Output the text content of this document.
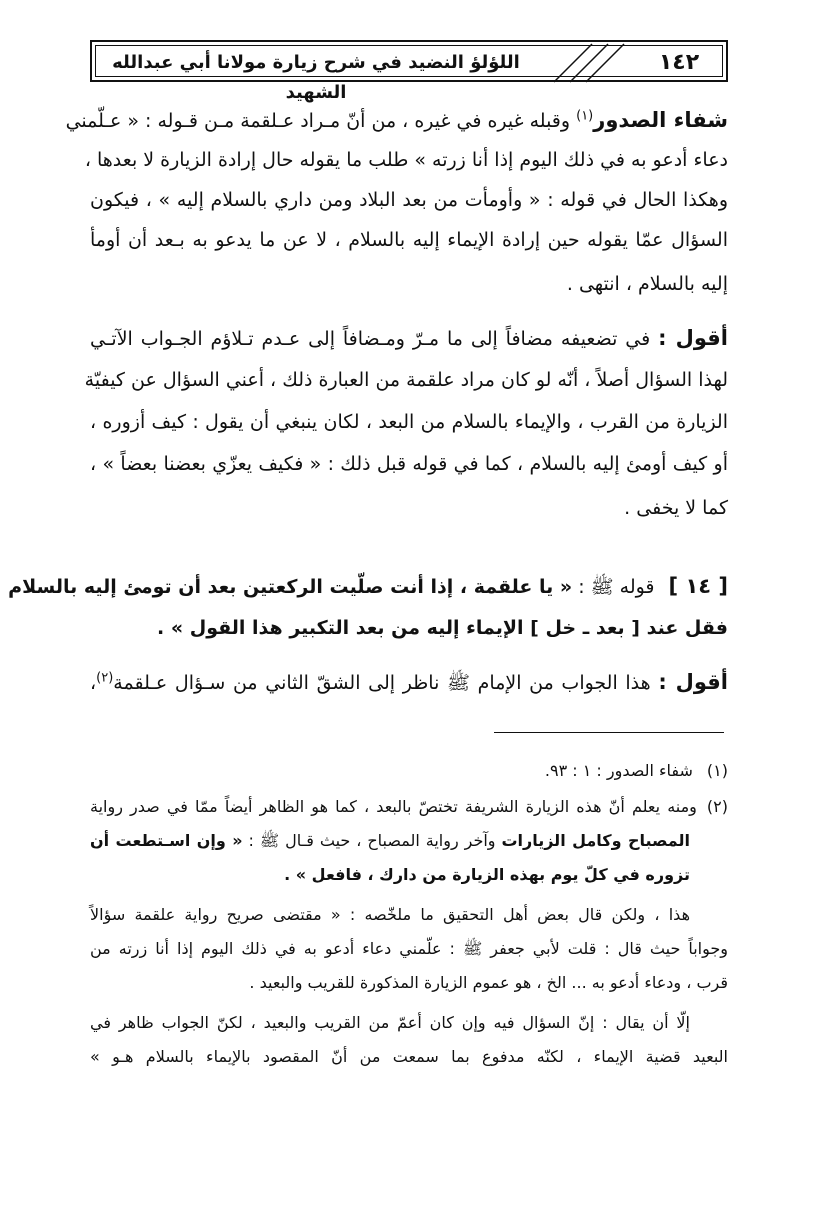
١٤٢
اللؤلؤ النضيد في شرح زيارة مولانا أبي عبدالله الشهيد
شفاء الصدور$^{(١)}$ وقبله غيره في غيره ، من أنّ مـراد عـلقمة مـن قـوله : « عـلّمني
دعاء أدعو به في ذلك اليوم إذا أنا زرته » طلب ما يقوله حال إرادة الزيارة لا بعدها ،
وهكذا الحال في قوله : « وأومأت من بعد البلاد ومن داري بالسلام إليه » ، فيكون
السؤال عمّا يقوله حين إرادة الإيماء إليه بالسلام ، لا عن ما يدعو به بـعد أن أومأ
إليه بالسلام ، انتهى .
أقول : في تضعيفه مضافاً إلى ما مـرّ ومـضافاً إلى عـدم تـلاؤم الجـواب الآتـي
لهذا السؤال أصلاً ، أنّه لو كان مراد علقمة من العبارة ذلك ، أعني السؤال عن كيفيّة
الزيارة من القرب ، والإيماء بالسلام من البعد ، لكان ينبغي أن يقول : كيف أزوره ،
أو كيف أومئ إليه بالسلام ، كما في قوله قبل ذلك : « فكيف يعزّي بعضنا بعضاً » ،
كما لا يخفى .
[ ١٤ ]قوله ﷺ : « يا علقمة ، إذا أنت صلّيت الركعتين بعد أن تومئ إليه بالسلام
فقل عند [ بعد ـ خل ] الإيماء إليه من بعد التكبير هذا القول » .
أقول : هذا الجواب من الإمام ﷺ ناظر إلى الشقّ الثاني من سـؤال عـلقمة$^{(٢)}$،
(١)شفاء الصدور : ١ : ٩٣.
(٢)ومنه يعلم أنّ هذه الزيارة الشريفة تختصّ بالبعد ، كما هو الظاهر أيضاً ممّا في صدر رواية
المصباح وكامل الزيارات وآخر رواية المصباح ، حيث قـال ﷺ : « وإن اسـتطعت أن
تزوره في كلّ يوم بهذه الزيارة من دارك ، فافعل » .
هذا ، ولكن قال بعض أهل التحقيق ما ملخّصه : « مقتضى صريح رواية علقمة سؤالاً
وجواباً حيث قال : قلت لأبي جعفر ﷺ : علّمني دعاء أدعو به في ذلك اليوم إذا أنا زرته من
قرب ، ودعاء أدعو به ... الخ ، هو عموم الزيارة المذكورة للقريب والبعيد .
إلّا أن يقال : إنّ السؤال فيه وإن كان أعمّ من القريب والبعيد ، لكنّ الجواب ظاهر في
البعيد قضية الإيماء ، لكنّه مدفوع بما سمعت من أنّ المقصود بالإيماء بالسلام هـو »
